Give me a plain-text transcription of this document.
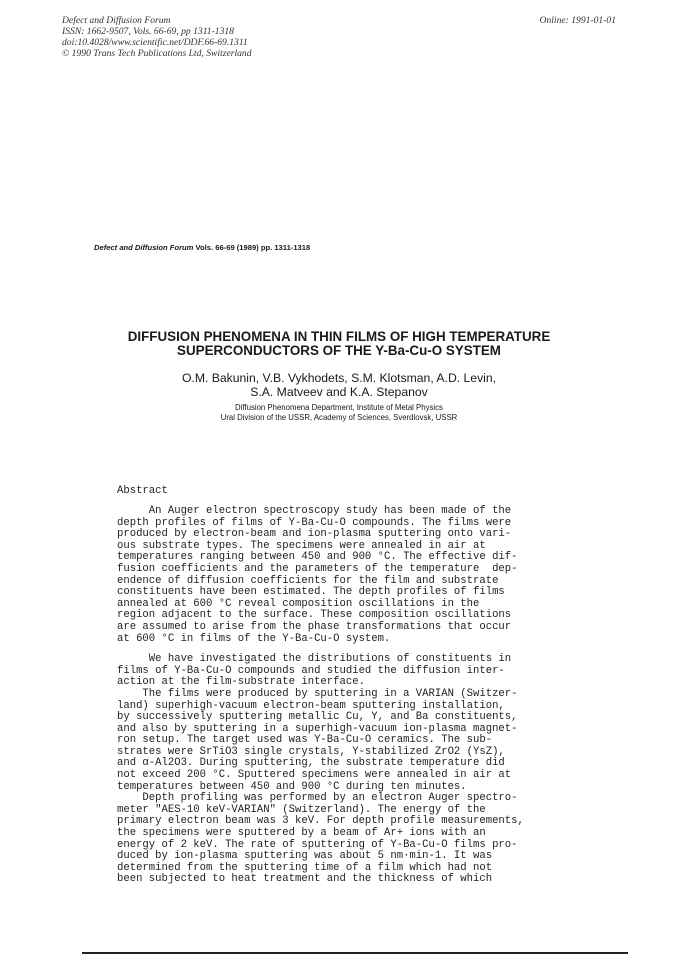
Defect and Diffusion Forum
ISSN: 1662-9507, Vols. 66-69, pp 1311-1318
doi:10.4028/www.scientific.net/DDF.66-69.1311
© 1990 Trans Tech Publications Ltd, Switzerland
Online: 1991-01-01
Defect and Diffusion Forum Vols. 66-69 (1989) pp. 1311-1318
DIFFUSION PHENOMENA IN THIN FILMS OF HIGH TEMPERATURE
SUPERCONDUCTORS OF THE Y-Ba-Cu-O SYSTEM
O.M. Bakunin, V.B. Vykhodets, S.M. Klotsman, A.D. Levin,
S.A. Matveev and K.A. Stepanov
Diffusion Phenomena Department, Institute of Metal Physics
Ural Division of the USSR, Academy of Sciences, Sverdlovsk, USSR
Abstract
An Auger electron spectroscopy study has been made of the
depth profiles of films of Y-Ba-Cu-O compounds. The films were
produced by electron-beam and ion-plasma sputtering onto vari-
ous substrate types. The specimens were annealed in air at
temperatures ranging between 450 and 900 °C. The effective dif-
fusion coefficients and the parameters of the temperature  dep-
endence of diffusion coefficients for the film and substrate
constituents have been estimated. The depth profiles of films
annealed at 600 °C reveal composition oscillations in the
region adjacent to the surface. These composition oscillations
are assumed to arise from the phase transformations that occur
at 600 °C in films of the Y-Ba-Cu-O system.
We have investigated the distributions of constituents in
films of Y-Ba-Cu-O compounds and studied the diffusion inter-
action at the film-substrate interface.
The films were produced by sputtering in a VARIAN (Switzer-
land) superhigh-vacuum electron-beam sputtering installation,
by successively sputtering metallic Cu, Y, and Ba constituents,
and also by sputtering in a superhigh-vacuum ion-plasma magnet-
ron setup. The target used was Y-Ba-Cu-O ceramics. The sub-
strates were SrTiO3 single crystals, Y-stabilized ZrO2 (YsZ),
and α-Al2O3. During sputtering, the substrate temperature did
not exceed 200 °C. Sputtered specimens were annealed in air at
temperatures between 450 and 900 °C during ten minutes.
Depth profiling was performed by an electron Auger spectro-
meter "AES-10 keV-VARIAN" (Switzerland). The energy of the
primary electron beam was 3 keV. For depth profile measurements,
the specimens were sputtered by a beam of Ar+ ions with an
energy of 2 keV. The rate of sputtering of Y-Ba-Cu-O films pro-
duced by ion-plasma sputtering was about 5 nm·min-1. It was
determined from the sputtering time of a film which had not
been subjected to heat treatment and the thickness of which
